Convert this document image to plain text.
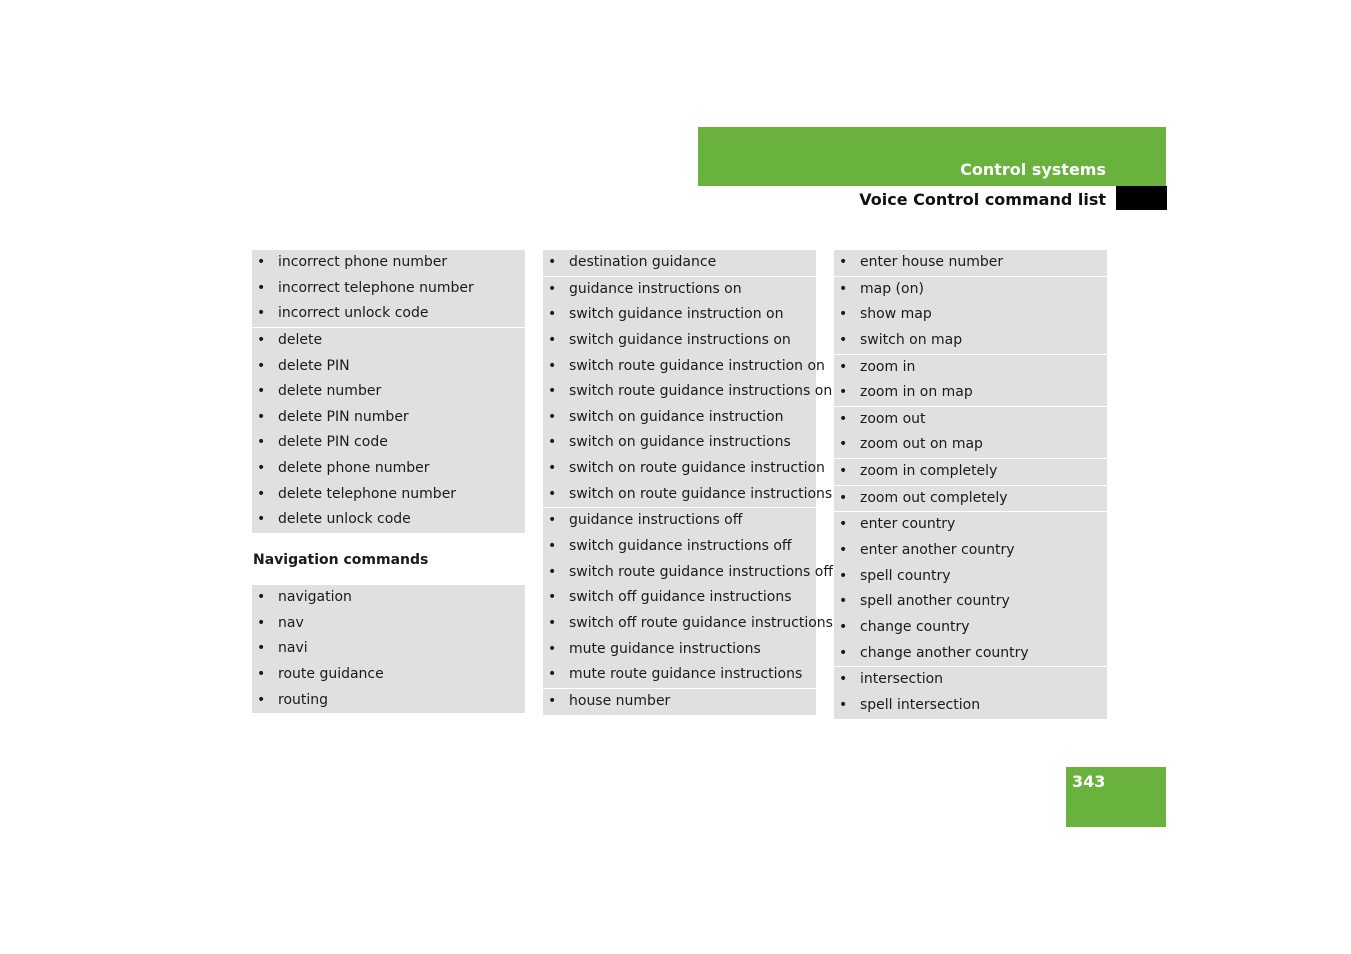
Control systems
Voice Control command list
• incorrect phone number
• incorrect telephone number
• incorrect unlock code
• delete
• delete PIN
• delete number
• delete PIN number
• delete PIN code
• delete phone number
• delete telephone number
• delete unlock code
Navigation commands
• navigation
• nav
• navi
• route guidance
• routing
• destination guidance
• guidance instructions on
• switch guidance instruction on
• switch guidance instructions on
• switch route guidance instruction on
• switch route guidance instructions on
• switch on guidance instruction
• switch on guidance instructions
• switch on route guidance instruction
• switch on route guidance instructions
• guidance instructions off
• switch guidance instructions off
• switch route guidance instructions off
• switch off guidance instructions
• switch off route guidance instructions
• mute guidance instructions
• mute route guidance instructions
• house number
• enter house number
• map (on)
• show map
• switch on map
• zoom in
• zoom in on map
• zoom out
• zoom out on map
• zoom in completely
• zoom out completely
• enter country
• enter another country
• spell country
• spell another country
• change country
• change another country
• intersection
• spell intersection
343
